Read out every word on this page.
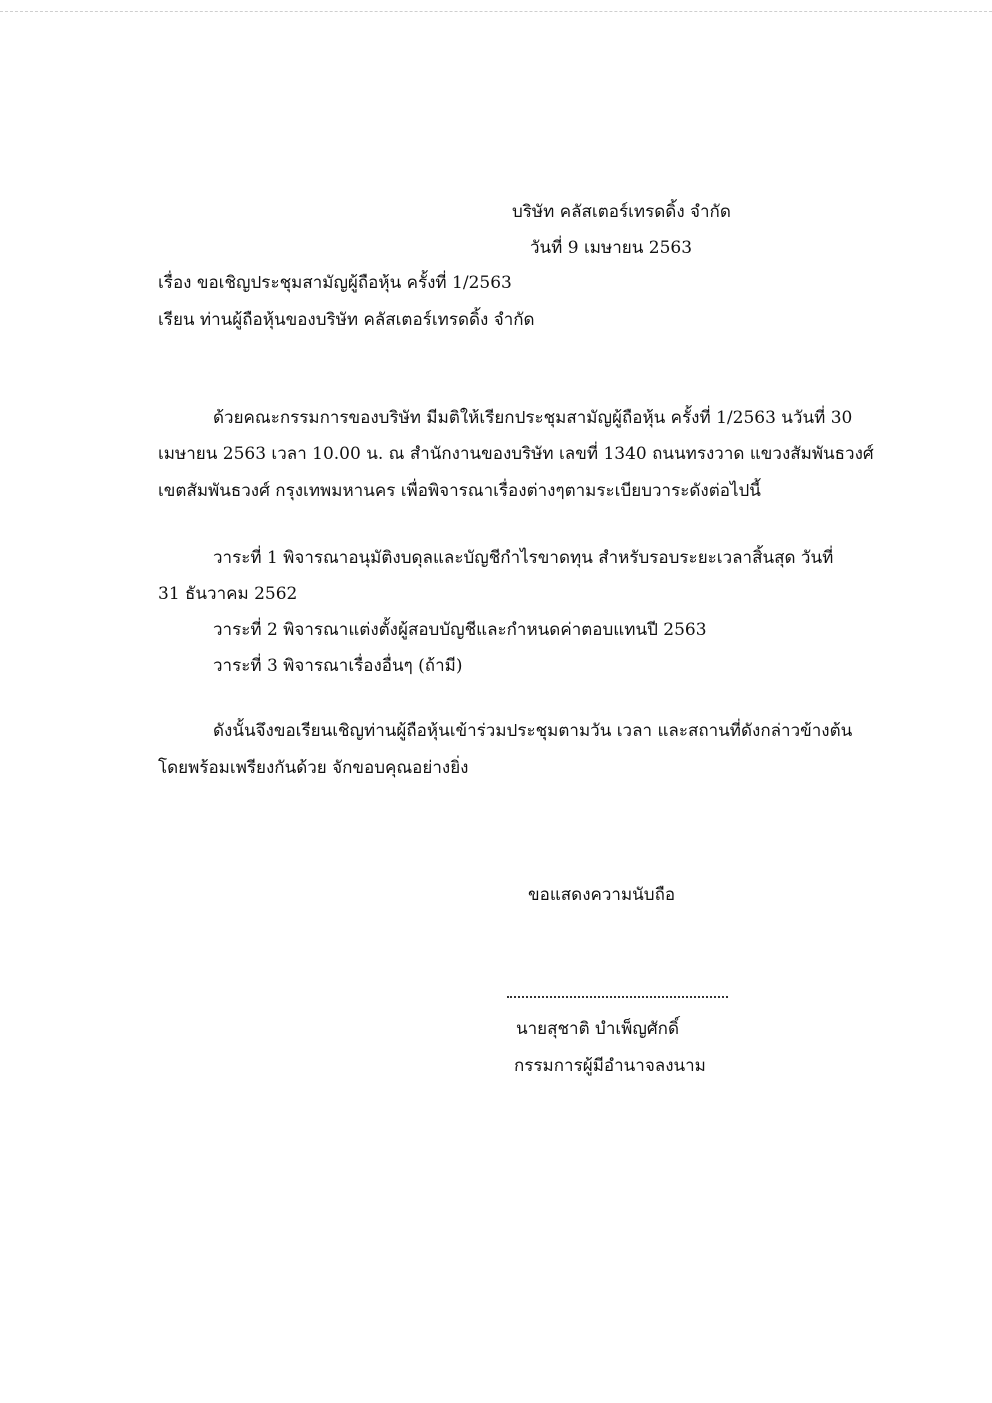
บริษัท คลัสเตอร์เทรดดิ้ง จำกัด
วันที่ 9 เมษายน 2563
เรื่อง ขอเชิญประชุมสามัญผู้ถือหุ้น ครั้งที่ 1/2563
เรียน ท่านผู้ถือหุ้นของบริษัท คลัสเตอร์เทรดดิ้ง จำกัด
ด้วยคณะกรรมการของบริษัท มีมติให้เรียกประชุมสามัญผู้ถือหุ้น ครั้งที่ 1/2563 นวันที่ 30
เมษายน 2563 เวลา 10.00 น. ณ สำนักงานของบริษัท เลขที่ 1340 ถนนทรงวาด แขวงสัมพันธวงศ์
เขตสัมพันธวงศ์ กรุงเทพมหานคร เพื่อพิจารณาเรื่องต่างๆตามระเบียบวาระดังต่อไปนี้
วาระที่ 1 พิจารณาอนุมัติงบดุลและบัญชีกำไรขาดทุน สำหรับรอบระยะเวลาสิ้นสุด วันที่
31 ธันวาคม 2562
วาระที่ 2 พิจารณาแต่งตั้งผู้สอบบัญชีและกำหนดค่าตอบแทนปี 2563
วาระที่ 3 พิจารณาเรื่องอื่นๆ (ถ้ามี)
ดังนั้นจึงขอเรียนเชิญท่านผู้ถือหุ้นเข้าร่วมประชุมตามวัน เวลา และสถานที่ดังกล่าวข้างต้น
โดยพร้อมเพรียงกันด้วย จักขอบคุณอย่างยิ่ง
ขอแสดงความนับถือ
นายสุชาติ บำเพ็ญศักดิ์
กรรมการผู้มีอำนาจลงนาม
